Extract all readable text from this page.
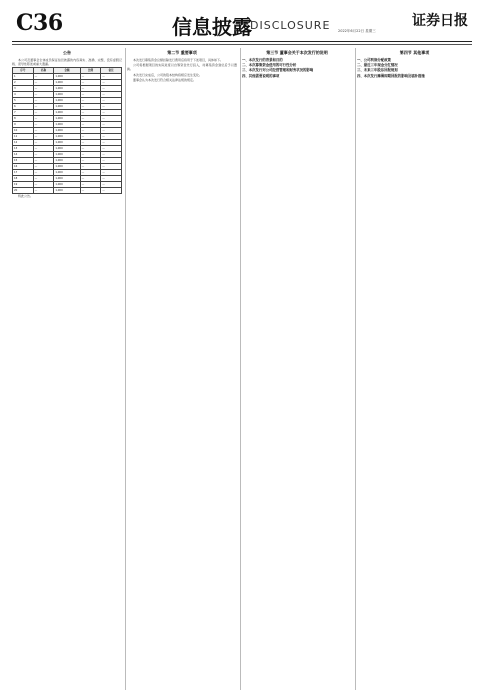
C36	信息披露
DISCLOSURE	证券日报
2022年6月22日 星期三
公告

本公司及董事会全体成员保证信息披露的内容真实、准确、完整，没有虚假记载、误导性陈述或重大遗漏。

序号	名称	金额	比例	备注
1	—	1,000	—	—
2	—	1,000	—	—
3	—	1,000	—	—
4	—	1,000	—	—
5	—	1,000	—	—
6	—	1,000	—	—
7	—	1,000	—	—
8	—	1,000	—	—
9	—	1,000	—	—
10	—	1,000	—	—
11	—	1,000	—	—
12	—	1,000	—	—
13	—	1,000	—	—
14	—	1,000	—	—
15	—	1,000	—	—
16	—	1,000	—	—
17	—	1,000	—	—
18	—	1,000	—	—
19	—	1,000	—	—
20	—	1,000	—	—

特此公告。

第二节 重要事项

本次发行募集资金总额扣除发行费用后将用于下述项目，具体如下。

公司将根据项目的实际进度以自筹资金先行投入，待募集资金到位后予以置换。

本次发行完成后，公司的股本结构将相应发生变化。

董事会认为本次发行符合相关法律法规的规定。

第三节 董事会关于本次发行的说明
一、本次发行的背景和目的
二、本次募集资金使用的可行性分析
三、本次发行对公司经营管理和财务状况的影响
四、其他需要说明的事项
第四节 其他事项
一、公司利润分配政策
二、最近三年现金分红情况
三、未来三年股东回报规划
四、本次发行摊薄即期回报的影响及填补措施
